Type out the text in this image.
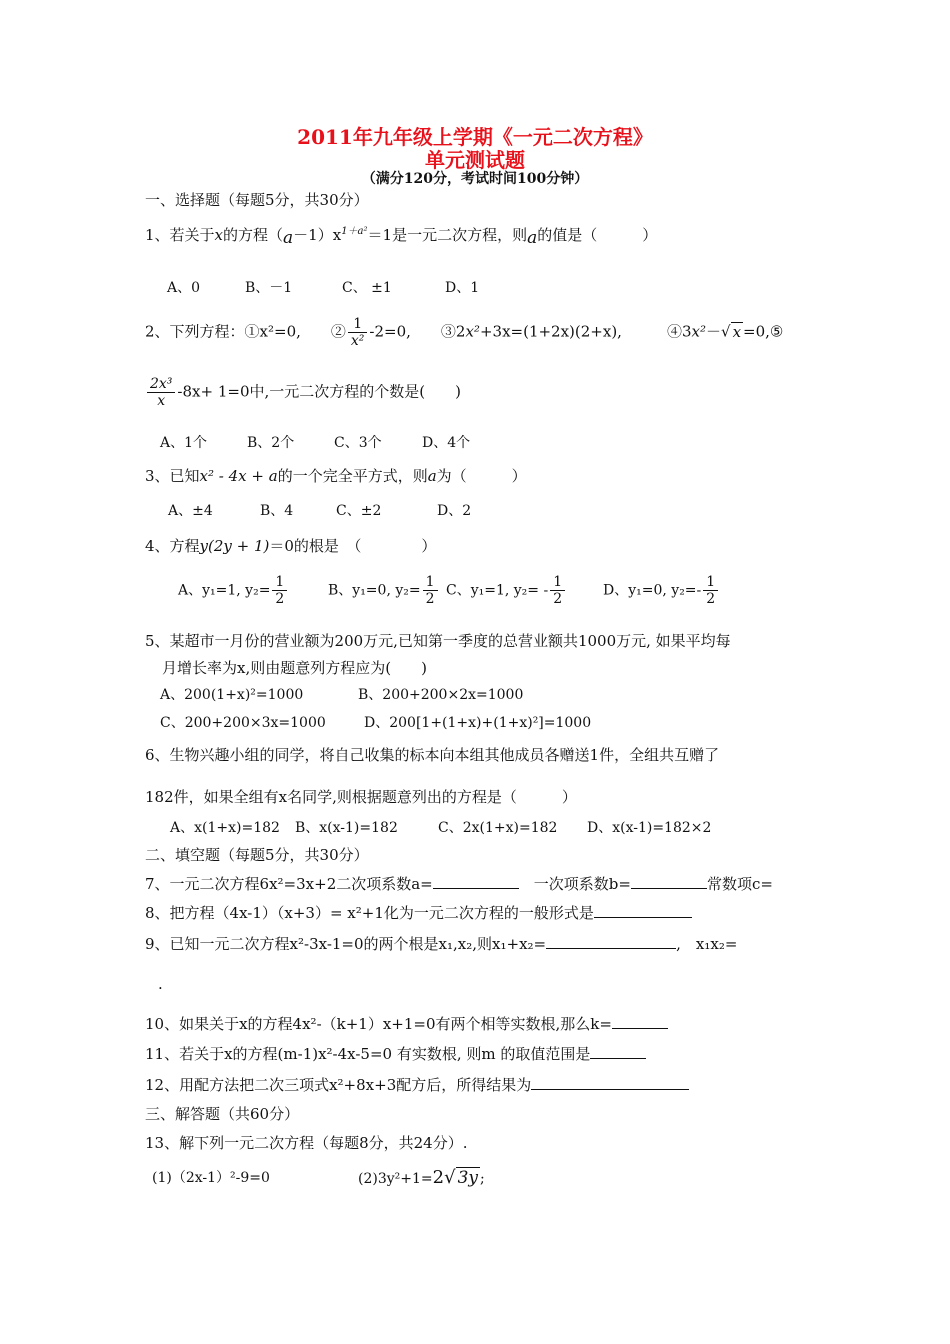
2011年九年级上学期《一元二次方程》
单元测试题
（满分120分，考试时间100分钟）
一、选择题（每题5分，共30分）
1、若关于x的方程$(a-1)x^{1+a^2}=1$是一元二次方程，则a的值是（　　　）
A、0	B、－1	C、 ±1	D、1
2、下列方程：①x²=0,　　② $\frac{1}{\text{x²}} -2=0$,　　③2x²+3x=(1+2x)(2+x),　　　④3x²－√ x =0,⑤
$\frac{\text{2x³}}{x} -8x+ 1=0$中,一元二次方程的个数是(　　)
A、1个	B、2个	C、3个	D、4个
3、已知x² - 4x + a的一个完全平方式，则a为（　　　）
A、±4	B、4	C、±2	D、2
4、方程y(2y + 1)＝0的根是　（　　　　）
A、y₁=1, $y_2= \frac{1}{2}$	B、y₁=0, $y_2= \frac{1}{2}$ C、y₁=1, $y_2= - \frac{1}{2}$	D、y₁=0, $y_2=- \frac{1}{2}$
5、某超市一月份的营业额为200万元,已知第一季度的总营业额共1000万元, 如果平均每
月增长率为x,则由题意列方程应为(　　)
A、200(1+x)²=1000	B、200+200×2x=1000
C、200+200×3x=1000	D、200[1+(1+x)+(1+x)²]=1000
6、生物兴趣小组的同学，将自己收集的标本向本组其他成员各赠送1件，全组共互赠了
182件，如果全组有x名同学,则根据题意列出的方程是（　　　）
A、x(1+x)=182 B、x(x-1)=182	C、2x(1+x)=182 D、x(x-1)=182×2
二、填空题（每题5分，共30分）
7、一元二次方程6x²=3x+2二次项系数a=	　一次项系数b=	常数项c=
8、把方程（4x-1）（x+3）= x²+1化为一元二次方程的一般形式是
9、已知一元二次方程x²-3x-1=0的两个根是x₁,x₂,则x₁+x₂=	,　x₁x₂=
.
10、如果关于x的方程4x²-（k+1）x+1=0有两个相等实数根,那么k=
11、若关于x的方程(m-1)x²-4x-5=0 有实数根, 则m 的取值范围是
12、用配方法把二次三项式x²+8x+3配方后，所得结果为
三、解答题（共60分）
13、解下列一元二次方程（每题8分，共24分）.
(1)（2x-1）²-9=0	(2)3y²+1=2√ 3y ;
